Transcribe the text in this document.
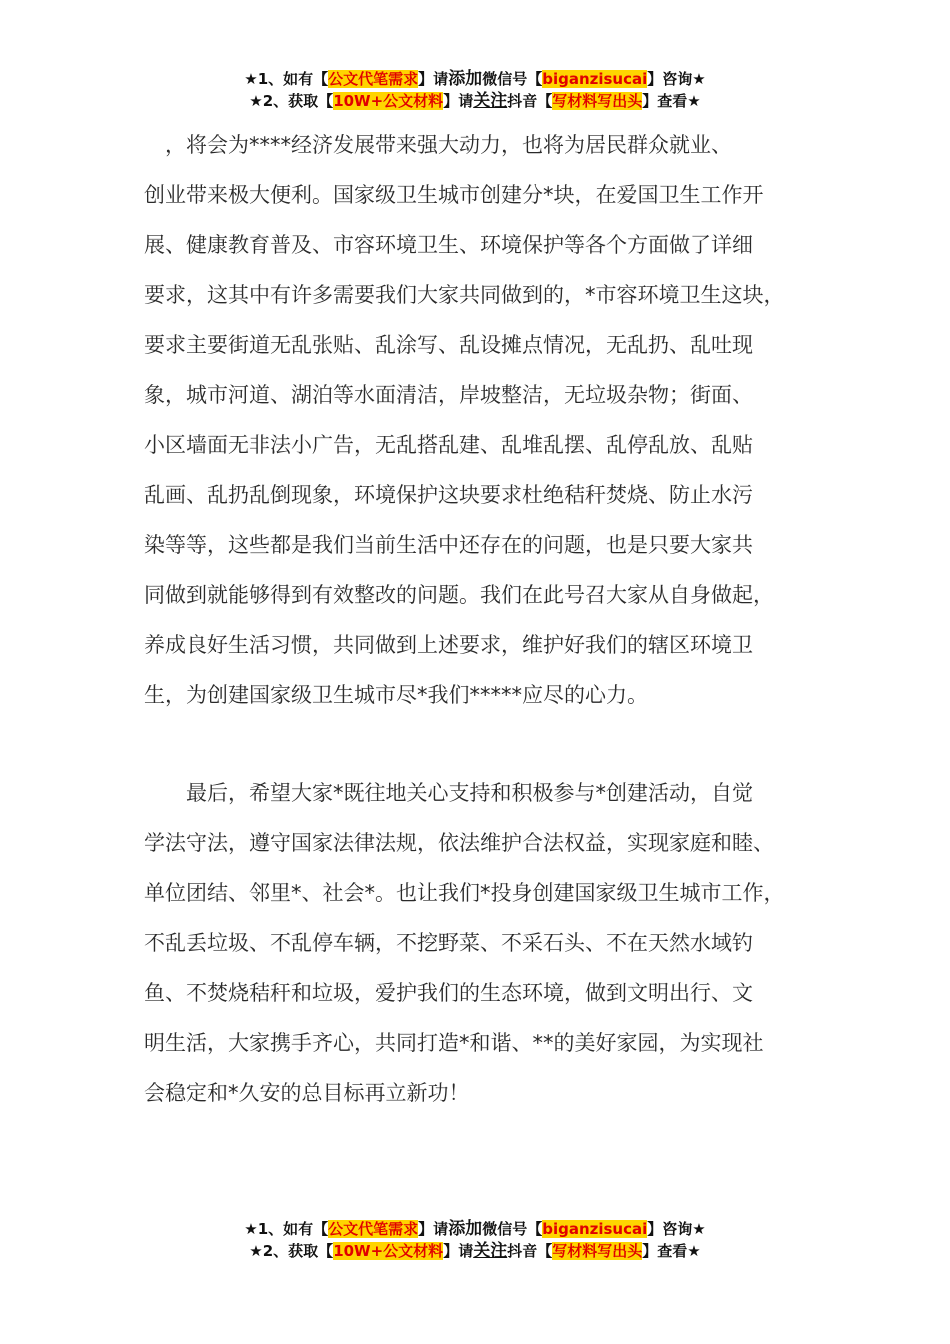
★1、如有【公文代笔需求】请添加微信号【biganzisucai】咨询★
★2、获取【10W+公文材料】请关注抖音【写材料写出头】查看★

　，将会为****经济发展带来强大动力，也将为居民群众就业、

创业带来极大便利。国家级卫生城市创建分*块，在爱国卫生工作开

展、健康教育普及、市容环境卫生、环境保护等各个方面做了详细

要求，这其中有许多需要我们大家共同做到的，*市容环境卫生这块，

要求主要街道无乱张贴、乱涂写、乱设摊点情况，无乱扔、乱吐现

象，城市河道、湖泊等水面清洁，岸坡整洁，无垃圾杂物；街面、

小区墙面无非法小广告，无乱搭乱建、乱堆乱摆、乱停乱放、乱贴

乱画、乱扔乱倒现象，环境保护这块要求杜绝秸秆焚烧、防止水污

染等等，这些都是我们当前生活中还存在的问题，也是只要大家共

同做到就能够得到有效整改的问题。我们在此号召大家从自身做起，

养成良好生活习惯，共同做到上述要求，维护好我们的辖区环境卫

生，为创建国家级卫生城市尽*我们*****应尽的心力。

　　最后，希望大家*既往地关心支持和积极参与*创建活动，自觉

学法守法，遵守国家法律法规，依法维护合法权益，实现家庭和睦、

单位团结、邻里*、社会*。也让我们*投身创建国家级卫生城市工作，

不乱丢垃圾、不乱停车辆，不挖野菜、不采石头、不在天然水域钓

鱼、不焚烧秸秆和垃圾，爱护我们的生态环境，做到文明出行、文

明生活，大家携手齐心，共同打造*和谐、**的美好家园，为实现社

会稳定和*久安的总目标再立新功！

★1、如有【公文代笔需求】请添加微信号【biganzisucai】咨询★
★2、获取【10W+公文材料】请关注抖音【写材料写出头】查看★
